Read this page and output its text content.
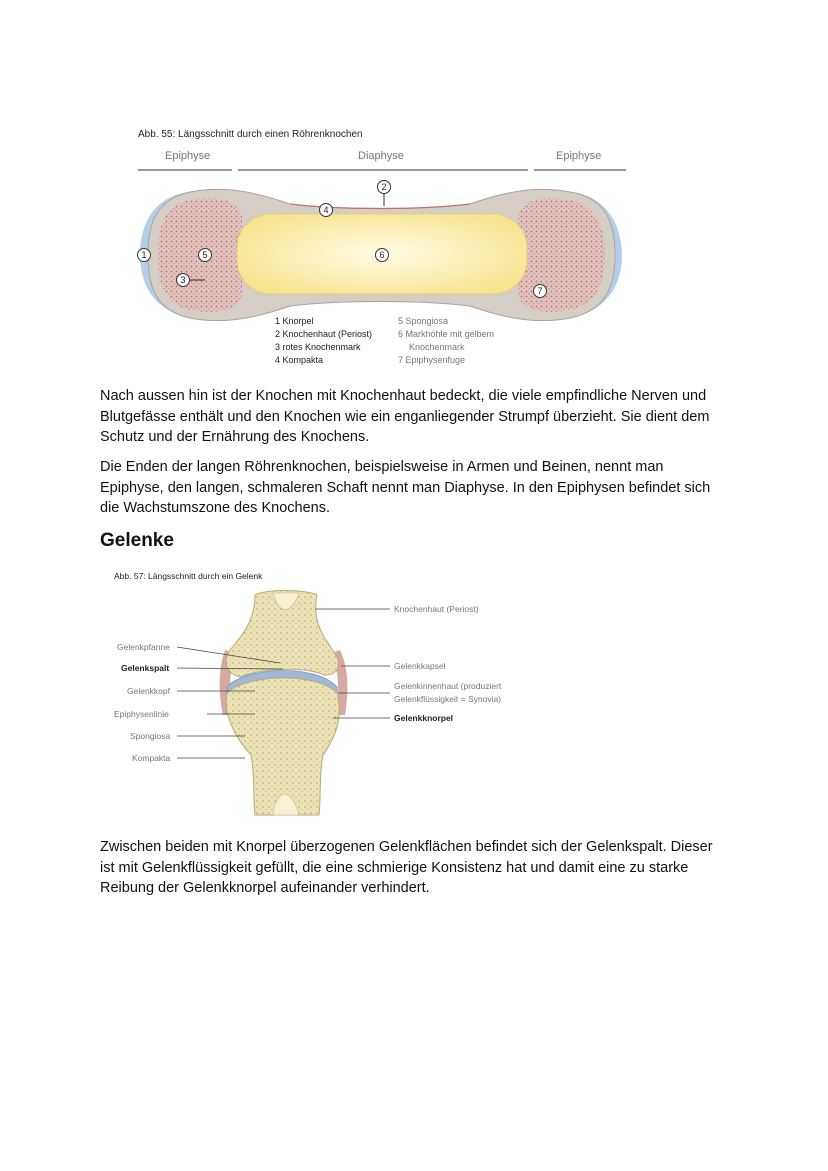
Abb. 55: Längsschnitt durch einen Röhrenknochen
Epiphyse	Diaphyse	Epiphyse
1
2
3
4
5	6
7
1 Knorpel
2 Knochenhaut (Periost)
3 rotes Knochenmark
4 Kompakta
5 Spongiosa
6 Markhöhle mit gelbem
Knochenmark
7 Epiphysenfuge

Nach aussen hin ist der Knochen mit Knochenhaut bedeckt, die viele empfindliche Nerven und Blutgefässe enthält und den Knochen wie ein enganliegender Strumpf überzieht. Sie dient dem Schutz und der Ernährung des Knochens.

Die Enden der langen Röhrenknochen, beispielsweise in Armen und Beinen, nennt man Epiphyse, den langen, schmaleren Schaft nennt man Diaphyse. In den Epiphysen befindet sich die Wachstumszone des Knochens.

Gelenke
Abb. 57: Längsschnitt durch ein Gelenk
Gelenkpfanne
Gelenkspalt
Gelenkkopf
Epiphysenlinie
Spongiosa
Kompakta
Knochenhaut (Periost)
Gelenkkapsel
Gelenkinnenhaut (produziert
Gelenkflüssigkeit = Synovia)
Gelenkknorpel

Zwischen beiden mit Knorpel überzogenen Gelenkflächen befindet sich der Gelenkspalt. Dieser ist mit Gelenkflüssigkeit gefüllt, die eine schmierige Konsistenz hat und damit eine zu starke Reibung der Gelenkknorpel aufeinander verhindert.
